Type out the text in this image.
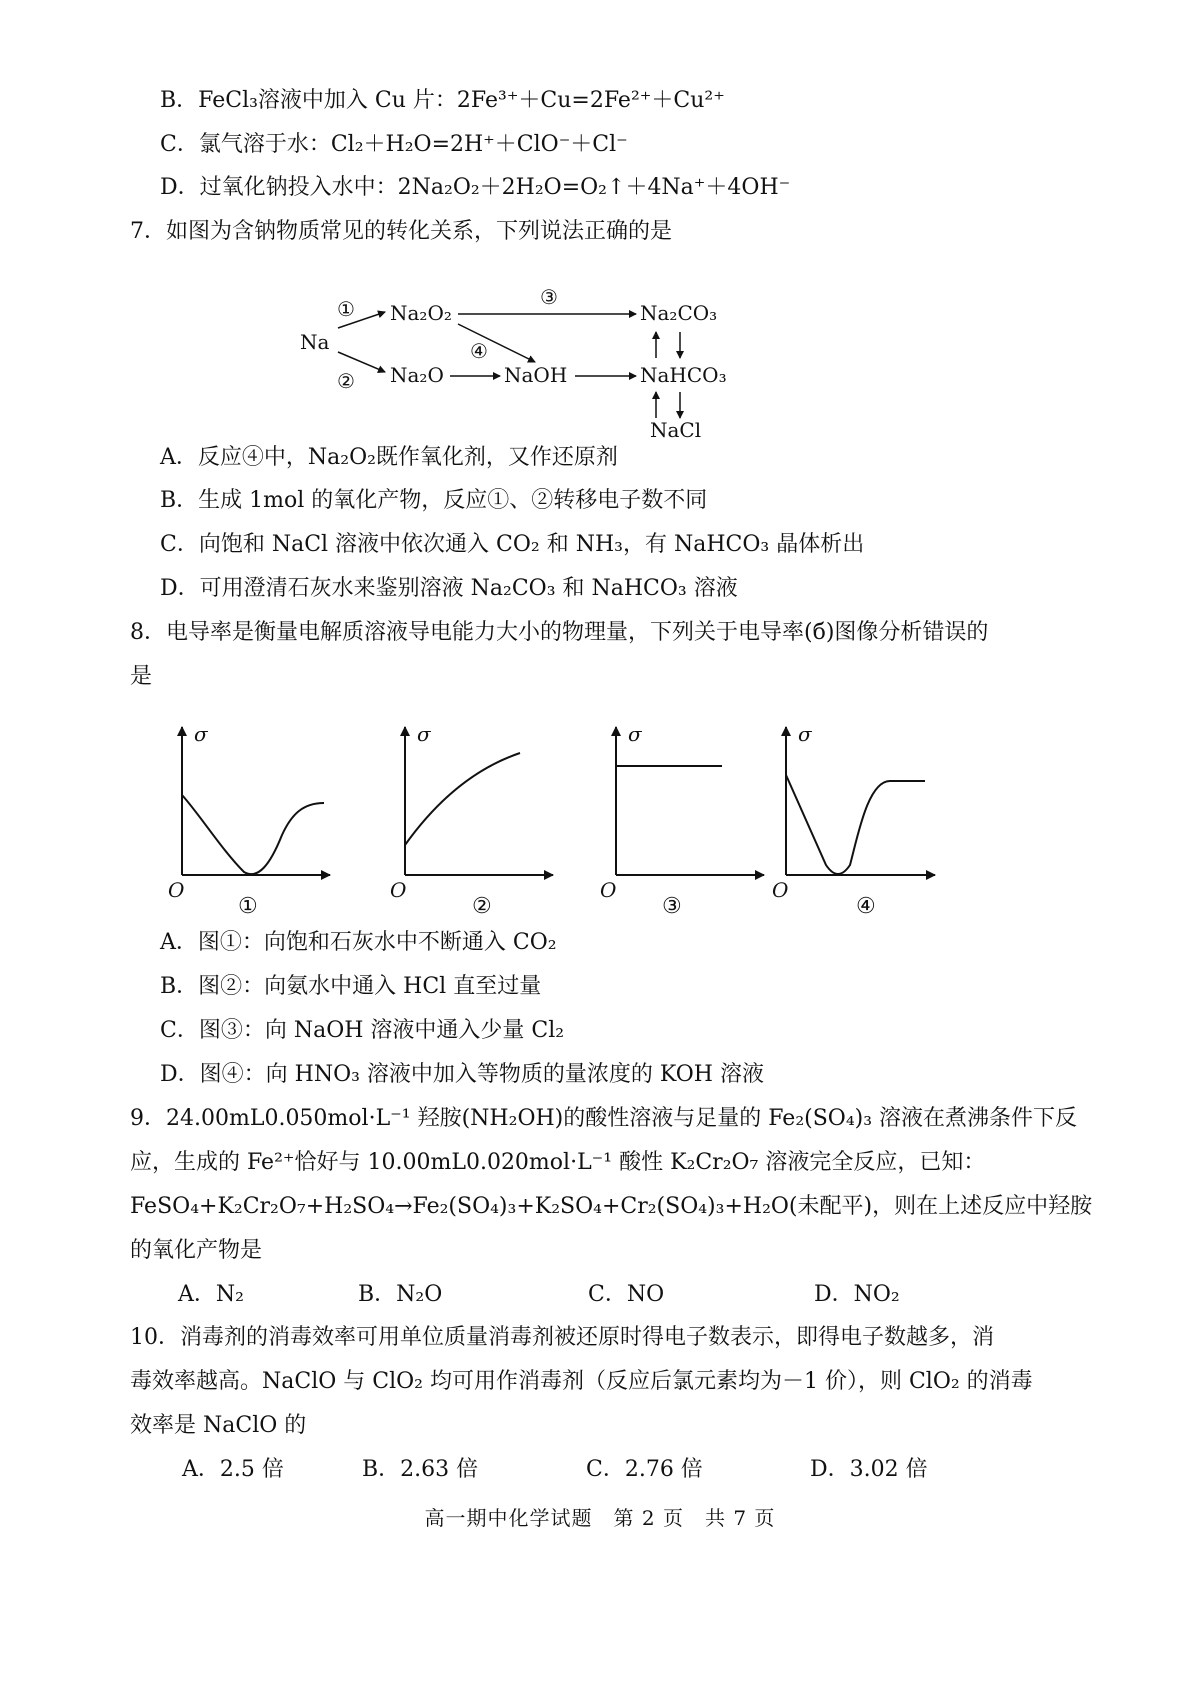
B．FeCl₃溶液中加入 Cu 片：2Fe³⁺＋Cu=2Fe²⁺＋Cu²⁺
C．氯气溶于水：Cl₂＋H₂O=2H⁺＋ClO⁻＋Cl⁻
D．过氧化钠投入水中：2Na₂O₂＋2H₂O=O₂↑＋4Na⁺＋4OH⁻
7．如图为含钠物质常见的转化关系，下列说法正确的是
Na
Na₂O₂
Na₂O	NaOH
Na₂CO₃
NaHCO₃
NaCl
①
②
③
④
A．反应④中，Na₂O₂既作氧化剂，又作还原剂
B．生成 1mol 的氧化产物，反应①、②转移电子数不同
C．向饱和 NaCl 溶液中依次通入 CO₂ 和 NH₃，有 NaHCO₃ 晶体析出
D．可用澄清石灰水来鉴别溶液 Na₂CO₃ 和 NaHCO₃ 溶液
8．电导率是衡量电解质溶液导电能力大小的物理量，下列关于电导率(б)图像分析错误的
是
σ
O
σ
O
σ
O
σ
O
①	②	③	④
A．图①：向饱和石灰水中不断通入 CO₂
B．图②：向氨水中通入 HCl 直至过量
C．图③：向 NaOH 溶液中通入少量 Cl₂
D．图④：向 HNO₃ 溶液中加入等物质的量浓度的 KOH 溶液
9．24.00mL0.050mol·L⁻¹ 羟胺(NH₂OH)的酸性溶液与足量的 Fe₂(SO₄)₃ 溶液在煮沸条件下反
应，生成的 Fe²⁺恰好与 10.00mL0.020mol·L⁻¹ 酸性 K₂Cr₂O₇ 溶液完全反应，已知：
FeSO₄+K₂Cr₂O₇+H₂SO₄→Fe₂(SO₄)₃+K₂SO₄+Cr₂(SO₄)₃+H₂O(未配平)，则在上述反应中羟胺
的氧化产物是
A．N₂	B．N₂O	C．NO	D．NO₂
10．消毒剂的消毒效率可用单位质量消毒剂被还原时得电子数表示，即得电子数越多，消
毒效率越高。NaClO 与 ClO₂ 均可用作消毒剂（反应后氯元素均为－1 价），则 ClO₂ 的消毒
效率是 NaClO 的
A．2.5 倍	B．2.63 倍	C．2.76 倍	D．3.02 倍
高一期中化学试题　第 2 页　共 7 页
